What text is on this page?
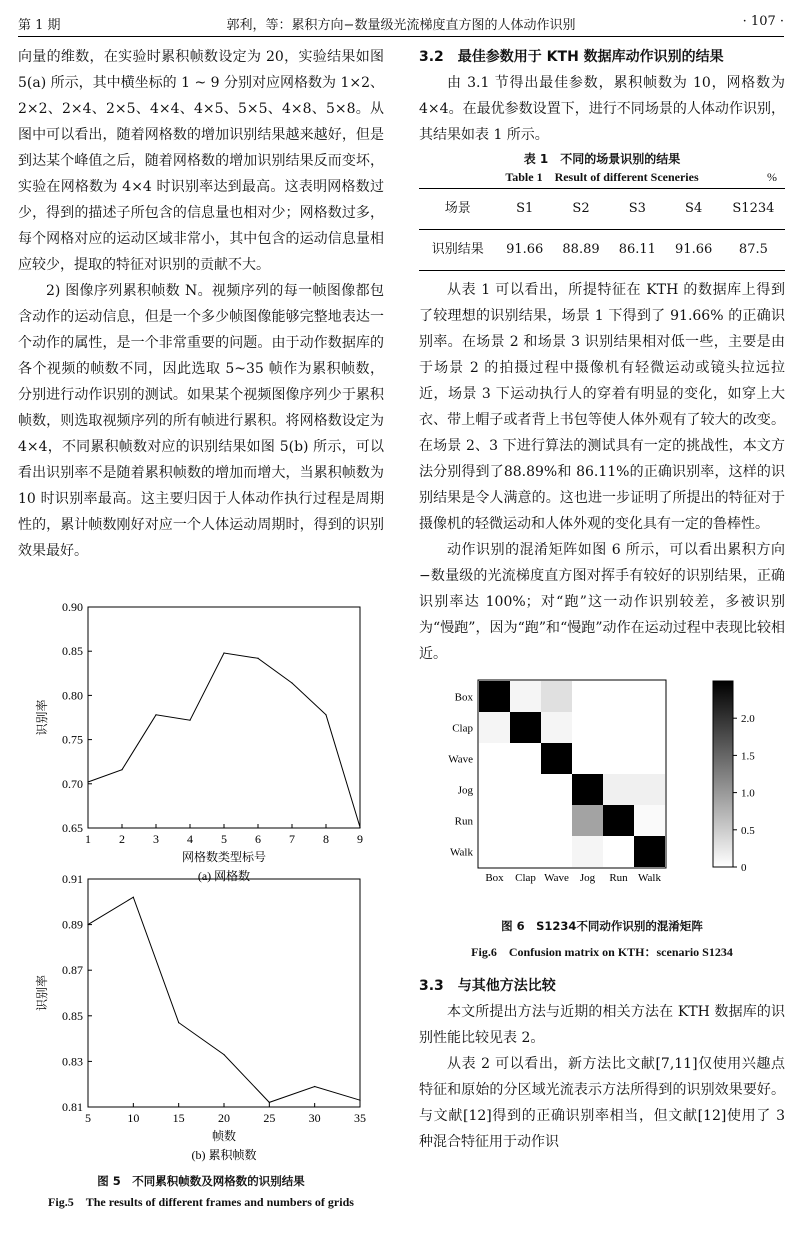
第 1 期	郭利，等：累积方向−数量级光流梯度直方图的人体动作识别	· 107 ·

向量的维数，在实验时累积帧数设定为 20，实验结果如图 5(a) 所示，其中横坐标的 1 ~ 9 分别对应网格数为 1×2、2×2、2×4、2×5、4×4、4×5、5×5、4×8、5×8。从图中可以看出，随着网格数的增加识别结果越来越好，但是到达某个峰值之后，随着网格数的增加识别结果反而变坏，实验在网格数为 4×4 时识别率达到最高。这表明网格数过少，得到的描述子所包含的信息量也相对少；网格数过多，每个网格对应的运动区域非常小，其中包含的运动信息量相应较少，提取的特征对识别的贡献不大。

2) 图像序列累积帧数 N。视频序列的每一帧图像都包含动作的运动信息，但是一个多少帧图像能够完整地表达一个动作的属性，是一个非常重要的问题。由于动作数据库的各个视频的帧数不同，因此选取 5~35 帧作为累积帧数，分别进行动作识别的测试。如果某个视频图像序列少于累积帧数，则选取视频序列的所有帧进行累积。将网格数设定为 4×4，不同累积帧数对应的识别结果如图 5(b) 所示，可以看出识别率不是随着累积帧数的增加而增大，当累积帧数为 10 时识别率最高。这主要归因于人体动作执行过程是周期性的，累计帧数刚好对应一个人体运动周期时，得到的识别效果最好。

1 2 3 4 5 6 7 8 9
0.65
0.70
0.75
0.80
0.85
0.90
网格数类型标号
识别率
(a) 网格数
5	10	15	20	25	30	35
0.81
0.83
0.85
0.87
0.89
0.91
帧数
识别率
(b) 累积帧数
图 5　不同累积帧数及网格数的识别结果
Fig.5　The results of different frames and numbers of grids

3.2　最佳参数用于 KTH 数据库动作识别的结果

由 3.1 节得出最佳参数，累积帧数为 10，网格数为 4×4。在最优参数设置下，进行不同场景的人体动作识别，其结果如表 1 所示。

表 1　不同的场景识别的结果
Table 1　Result of different Sceneries	%
场景	S1	S2	S3	S4	S1234
识别结果	91.66	88.89	86.11	91.66	87.5

从表 1 可以看出，所提特征在 KTH 的数据库上得到了较理想的识别结果，场景 1 下得到了 91.66% 的正确识别率。在场景 2 和场景 3 识别结果相对低一些，主要是由于场景 2 的拍摄过程中摄像机有轻微运动或镜头拉远拉近，场景 3 下运动执行人的穿着有明显的变化，如穿上大衣、带上帽子或者背上书包等使人体外观有了较大的改变。在场景 2、3 下进行算法的测试具有一定的挑战性，本文方法分别得到了88.89%和 86.11%的正确识别率，这样的识别结果是令人满意的。这也进一步证明了所提出的特征对于摄像机的轻微运动和人体外观的变化具有一定的鲁棒性。

动作识别的混淆矩阵如图 6 所示，可以看出累积方向−数量级的光流梯度直方图对挥手有较好的识别结果，正确识别率达 100%；对“跑”这一动作识别较差，多被识别为“慢跑”，因为“跑”和“慢跑”动作在运动过程中表现比较相近。

Box
Box
Clap
Clap
Wave
Wave
Jog
Jog
Run
Run
Walk
Walk
2.0
1.5
1.0
0.5
0
图 6　S1234不同动作识别的混淆矩阵
Fig.6　Confusion matrix on KTH：scenario S1234

3.3　与其他方法比较

本文所提出方法与近期的相关方法在 KTH 数据库的识别性能比较见表 2。

从表 2 可以看出，新方法比文献[7,11]仅使用兴趣点特征和原始的分区域光流表示方法所得到的识别效果要好。与文献[12]得到的正确识别率相当，但文献[12]使用了 3 种混合特征用于动作识
